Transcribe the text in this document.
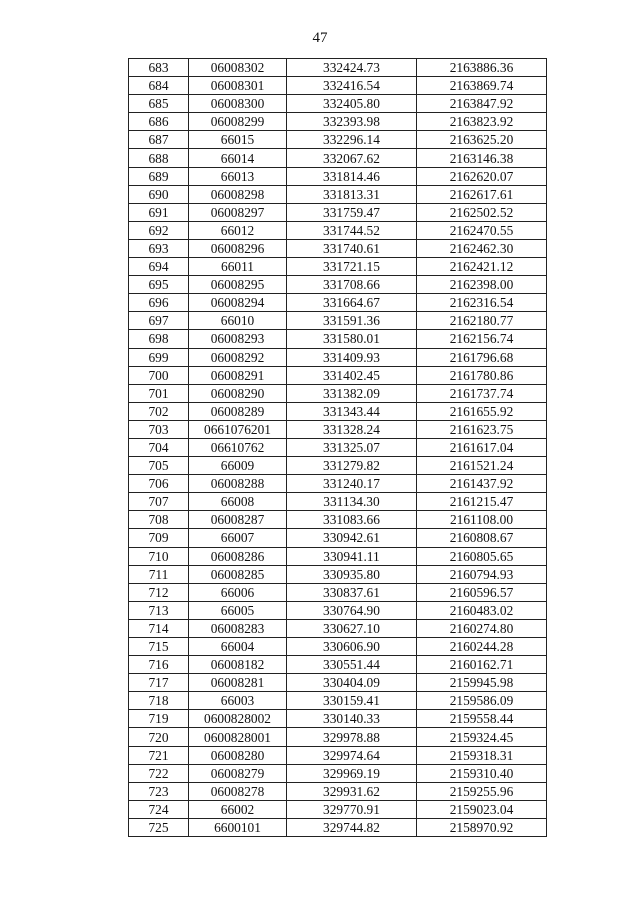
47
683	06008302	332424.73	2163886.36
684	06008301	332416.54	2163869.74
685	06008300	332405.80	2163847.92
686	06008299	332393.98	2163823.92
687	66015	332296.14	2163625.20
688	66014	332067.62	2163146.38
689	66013	331814.46	2162620.07
690	06008298	331813.31	2162617.61
691	06008297	331759.47	2162502.52
692	66012	331744.52	2162470.55
693	06008296	331740.61	2162462.30
694	66011	331721.15	2162421.12
695	06008295	331708.66	2162398.00
696	06008294	331664.67	2162316.54
697	66010	331591.36	2162180.77
698	06008293	331580.01	2162156.74
699	06008292	331409.93	2161796.68
700	06008291	331402.45	2161780.86
701	06008290	331382.09	2161737.74
702	06008289	331343.44	2161655.92
703	0661076201	331328.24	2161623.75
704	06610762	331325.07	2161617.04
705	66009	331279.82	2161521.24
706	06008288	331240.17	2161437.92
707	66008	331134.30	2161215.47
708	06008287	331083.66	2161108.00
709	66007	330942.61	2160808.67
710	06008286	330941.11	2160805.65
711	06008285	330935.80	2160794.93
712	66006	330837.61	2160596.57
713	66005	330764.90	2160483.02
714	06008283	330627.10	2160274.80
715	66004	330606.90	2160244.28
716	06008182	330551.44	2160162.71
717	06008281	330404.09	2159945.98
718	66003	330159.41	2159586.09
719	0600828002	330140.33	2159558.44
720	0600828001	329978.88	2159324.45
721	06008280	329974.64	2159318.31
722	06008279	329969.19	2159310.40
723	06008278	329931.62	2159255.96
724	66002	329770.91	2159023.04
725	6600101	329744.82	2158970.92
